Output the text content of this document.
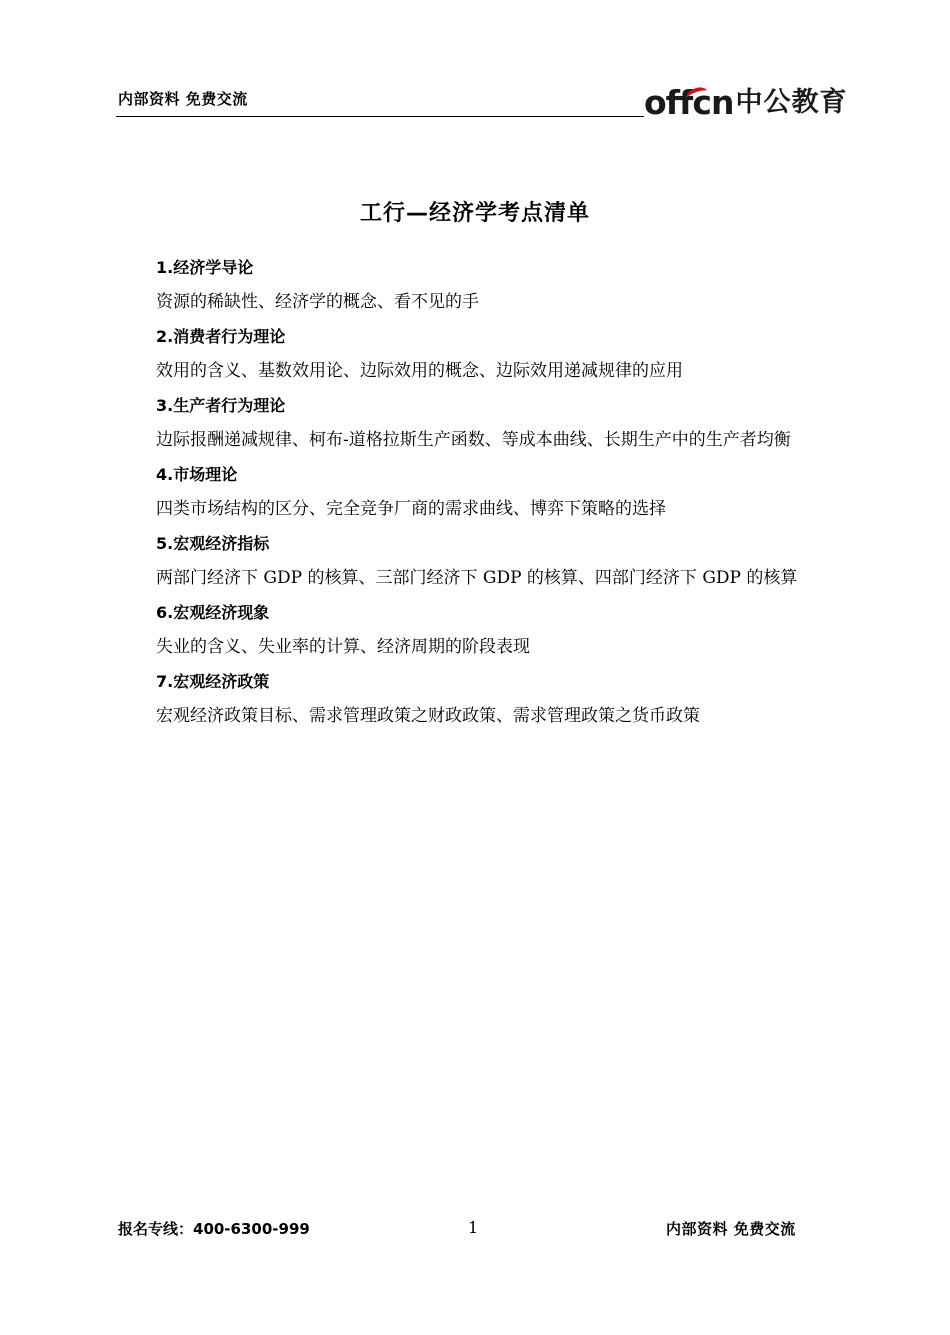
内部资料 免费交流	offcn 中公教育
工行—经济学考点清单

1.经济学导论

资源的稀缺性、经济学的概念、看不见的手

2.消费者行为理论

效用的含义、基数效用论、边际效用的概念、边际效用递减规律的应用

3.生产者行为理论

边际报酬递减规律、柯布-道格拉斯生产函数、等成本曲线、长期生产中的生产者均衡

4.市场理论

四类市场结构的区分、完全竞争厂商的需求曲线、博弈下策略的选择

5.宏观经济指标

两部门经济下 GDP 的核算、三部门经济下 GDP 的核算、四部门经济下 GDP 的核算

6.宏观经济现象

失业的含义、失业率的计算、经济周期的阶段表现

7.宏观经济政策

宏观经济政策目标、需求管理政策之财政政策、需求管理政策之货币政策

报名专线：400-6300-999	1	内部资料 免费交流
